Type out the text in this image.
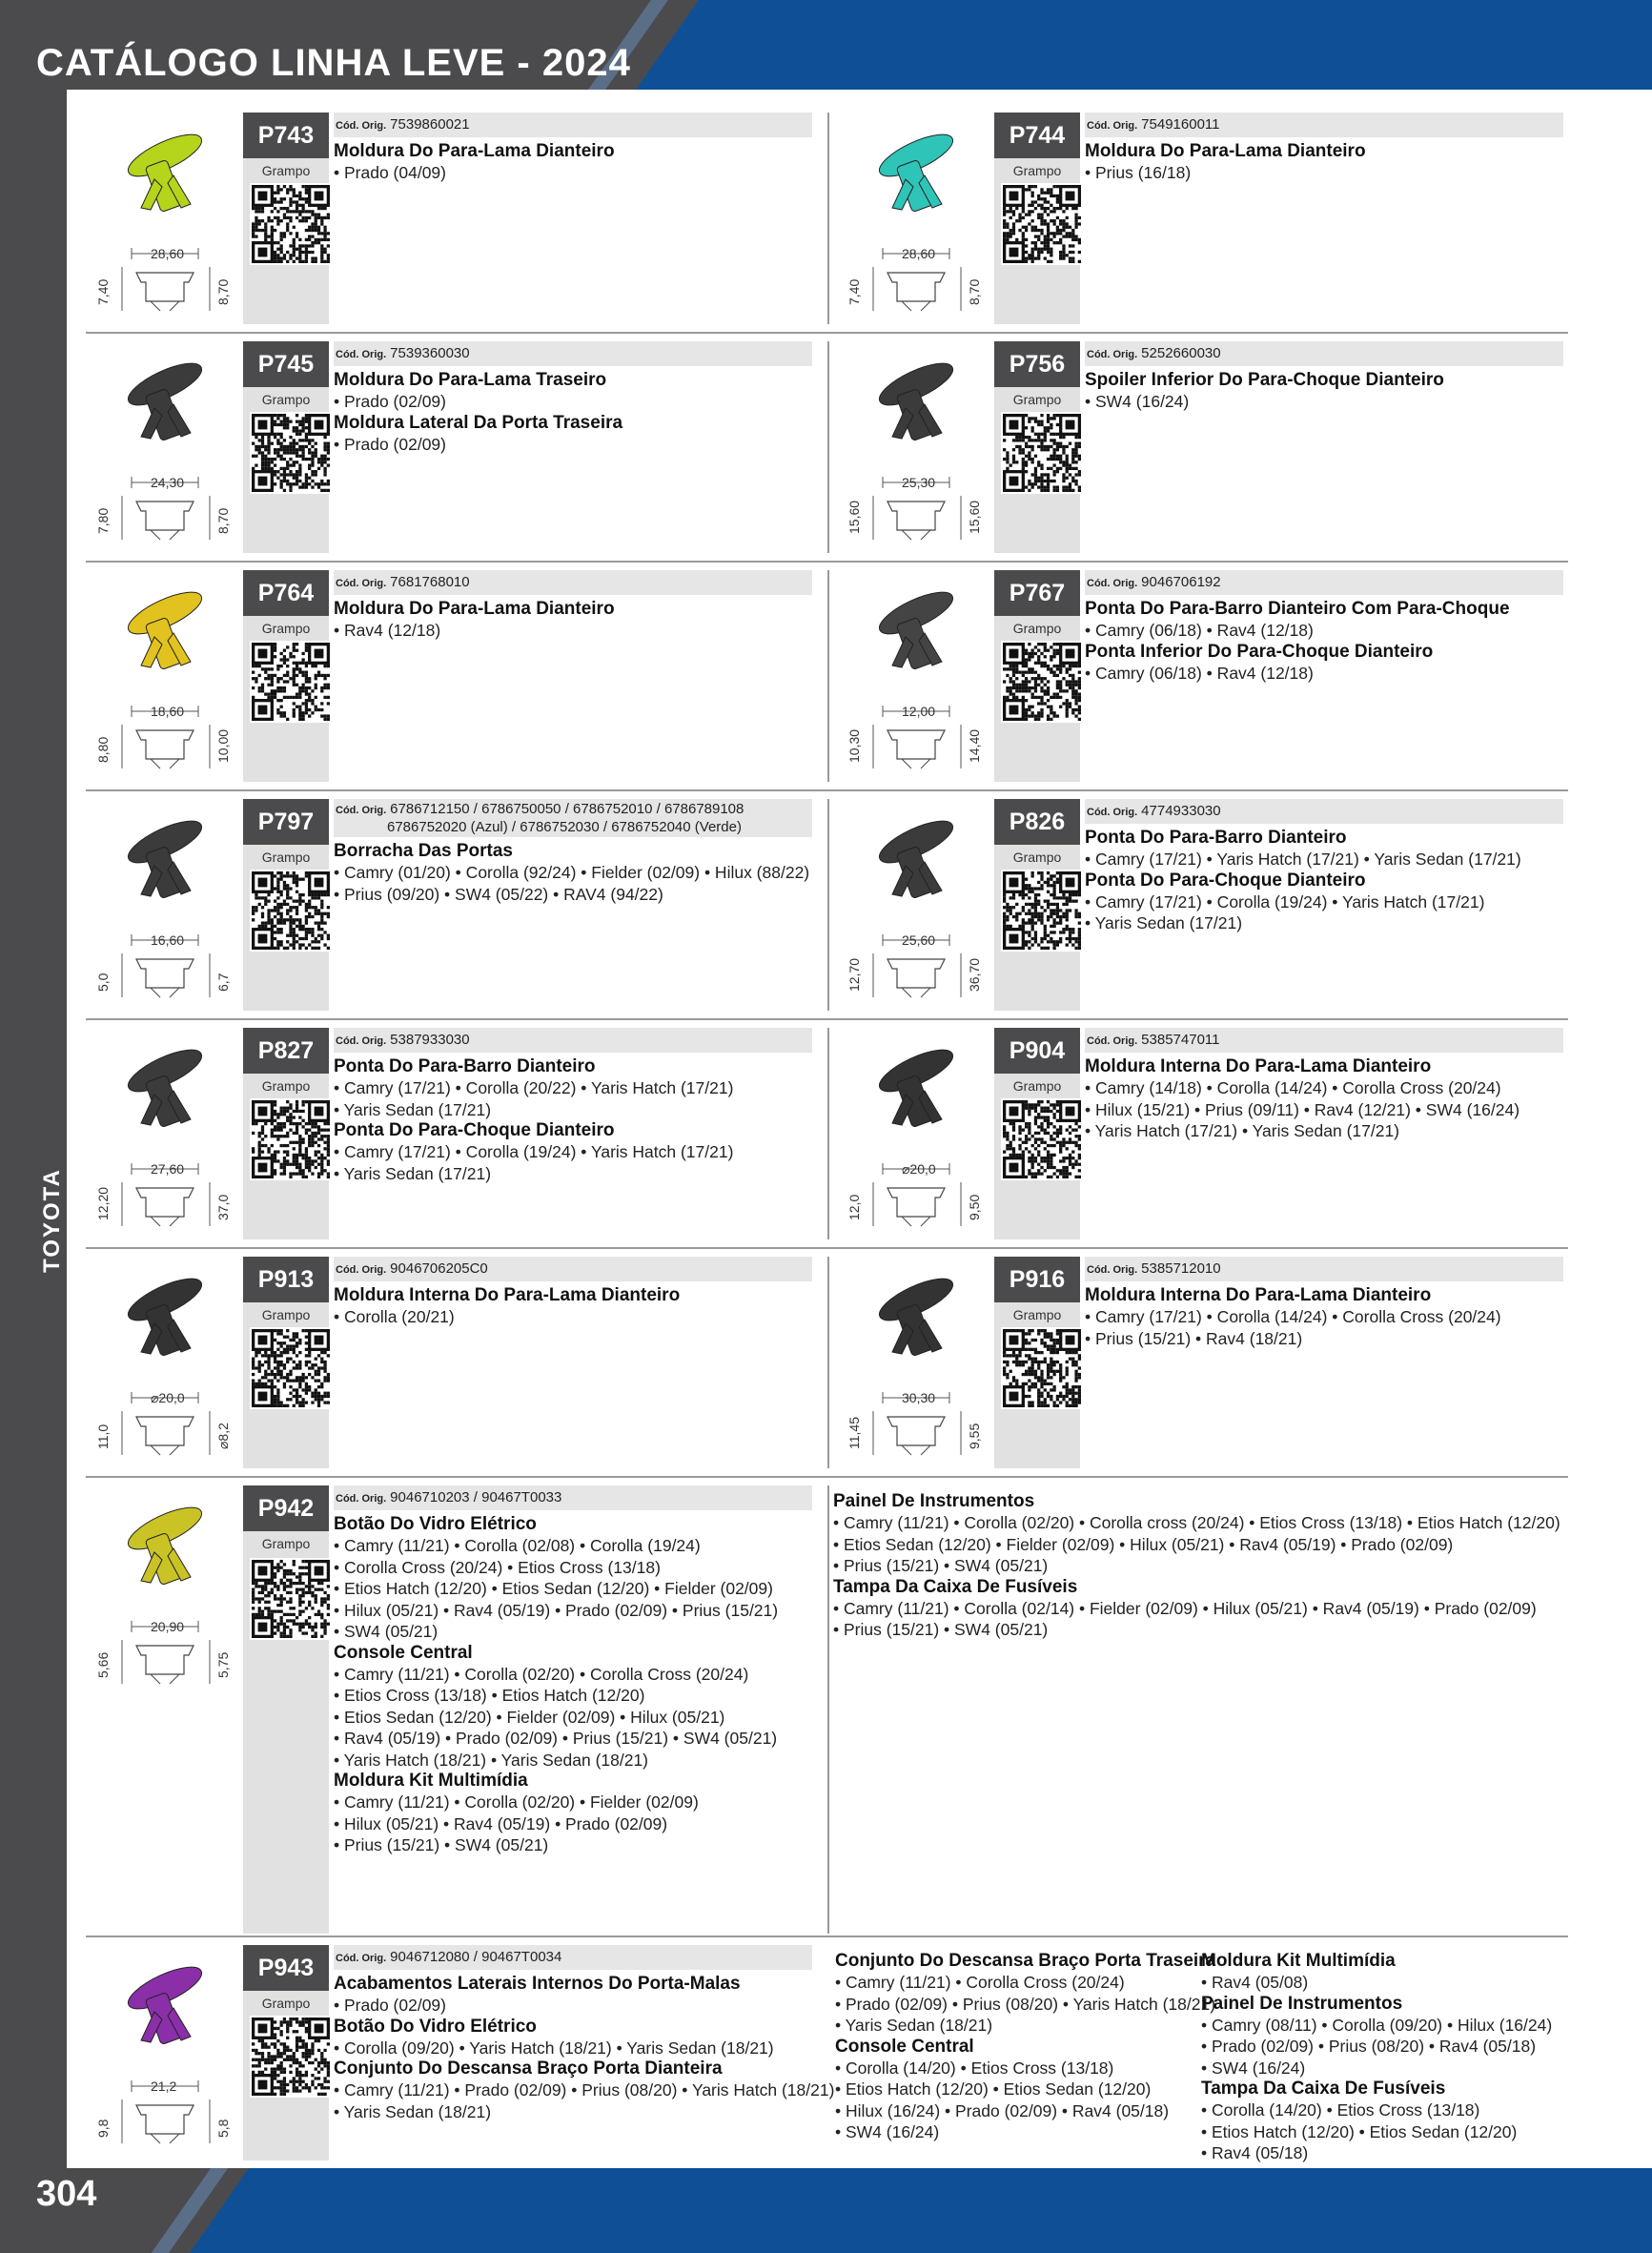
CATÁLOGO LINHA LEVE - 2024
TOYOTA
304
28,60
7,40	8,70
P743
Grampo
Cód. Orig. 7539860021
Moldura Do Para-Lama Dianteiro
• Prado (04/09)
28,60
7,40	8,70
P744
Grampo
Cód. Orig. 7549160011
Moldura Do Para-Lama Dianteiro
• Prius (16/18)
24,30
7,80	8,70
P745
Grampo
Cód. Orig. 7539360030
Moldura Do Para-Lama Traseiro
• Prado (02/09)
Moldura Lateral Da Porta Traseira
• Prado (02/09)
25,30
15,60	15,60
P756
Grampo
Cód. Orig. 5252660030
Spoiler Inferior Do Para-Choque Dianteiro
• SW4 (16/24)
18,60
8,80	10,00
P764
Grampo
Cód. Orig. 7681768010
Moldura Do Para-Lama Dianteiro
• Rav4 (12/18)
12,00
10,30	14,40
P767
Grampo
Cód. Orig. 9046706192
Ponta Do Para-Barro Dianteiro Com Para-Choque
• Camry (06/18) • Rav4 (12/18)
Ponta Inferior Do Para-Choque Dianteiro
• Camry (06/18) • Rav4 (12/18)
16,60
5,0	6,7
P797
Grampo
Cód. Orig. 6786712150 / 6786750050 / 6786752010 / 6786789108
6786752020 (Azul) / 6786752030 / 6786752040 (Verde)
Borracha Das Portas
• Camry (01/20) • Corolla (92/24) • Fielder (02/09) • Hilux (88/22)
• Prius (09/20) • SW4 (05/22) • RAV4 (94/22)
25,60
12,70	36,70
P826
Grampo
Cód. Orig. 4774933030
Ponta Do Para-Barro Dianteiro
• Camry (17/21) • Yaris Hatch (17/21) • Yaris Sedan (17/21)
Ponta Do Para-Choque Dianteiro
• Camry (17/21) • Corolla (19/24) • Yaris Hatch (17/21)
• Yaris Sedan (17/21)
27,60
12,20	37,0
P827
Grampo
Cód. Orig. 5387933030
Ponta Do Para-Barro Dianteiro
• Camry (17/21) • Corolla (20/22) • Yaris Hatch (17/21)
• Yaris Sedan (17/21)
Ponta Do Para-Choque Dianteiro
• Camry (17/21) • Corolla (19/24) • Yaris Hatch (17/21)
• Yaris Sedan (17/21)	⌀20,0
12,0	9,50
P904
Grampo
Cód. Orig. 5385747011
Moldura Interna Do Para-Lama Dianteiro
• Camry (14/18) • Corolla (14/24) • Corolla Cross (20/24)
• Hilux (15/21) • Prius (09/11) • Rav4 (12/21) • SW4 (16/24)
• Yaris Hatch (17/21) • Yaris Sedan (17/21)
⌀20,0
11,0	⌀8,2
P913
Grampo
Cód. Orig. 9046706205C0
Moldura Interna Do Para-Lama Dianteiro
• Corolla (20/21)
30,30
11,45	9,55
P916
Grampo
Cód. Orig. 5385712010
Moldura Interna Do Para-Lama Dianteiro
• Camry (17/21) • Corolla (14/24) • Corolla Cross (20/24)
• Prius (15/21) • Rav4 (18/21)
20,90
5,66	5,75
P942
Grampo
Cód. Orig. 9046710203 / 90467T0033
Botão Do Vidro Elétrico
• Camry (11/21) • Corolla (02/08) • Corolla (19/24)
• Corolla Cross (20/24) • Etios Cross (13/18)
• Etios Hatch (12/20) • Etios Sedan (12/20) • Fielder (02/09)
• Hilux (05/21) • Rav4 (05/19) • Prado (02/09) • Prius (15/21)
• SW4 (05/21)
Console Central
• Camry (11/21) • Corolla (02/20) • Corolla Cross (20/24)
• Etios Cross (13/18) • Etios Hatch (12/20)
• Etios Sedan (12/20) • Fielder (02/09) • Hilux (05/21)
• Rav4 (05/19) • Prado (02/09) • Prius (15/21) • SW4 (05/21)
• Yaris Hatch (18/21) • Yaris Sedan (18/21)
Moldura Kit Multimídia
• Camry (11/21) • Corolla (02/20) • Fielder (02/09)
• Hilux (05/21) • Rav4 (05/19) • Prado (02/09)
• Prius (15/21) • SW4 (05/21)
21,2
9,8	5,8
P943
Grampo
Cód. Orig. 9046712080 / 90467T0034
Acabamentos Laterais Internos Do Porta-Malas
• Prado (02/09)
Botão Do Vidro Elétrico
• Corolla (09/20) • Yaris Hatch (18/21) • Yaris Sedan (18/21)
Conjunto Do Descansa Braço Porta Dianteira
• Camry (11/21) • Prado (02/09) • Prius (08/20) • Yaris Hatch (18/21)
• Yaris Sedan (18/21)
Painel De Instrumentos
• Camry (11/21) • Corolla (02/20) • Corolla cross (20/24) • Etios Cross (13/18) • Etios Hatch (12/20)
• Etios Sedan (12/20) • Fielder (02/09) • Hilux (05/21) • Rav4 (05/19) • Prado (02/09)
• Prius (15/21) • SW4 (05/21)
Tampa Da Caixa De Fusíveis
• Camry (11/21) • Corolla (02/14) • Fielder (02/09) • Hilux (05/21) • Rav4 (05/19) • Prado (02/09)
• Prius (15/21) • SW4 (05/21)
Conjunto Do Descansa Braço Porta Traseira
• Camry (11/21) • Corolla Cross (20/24)
• Prado (02/09) • Prius (08/20) • Yaris Hatch (18/21)
• Yaris Sedan (18/21)
Console Central
• Corolla (14/20) • Etios Cross (13/18)
• Etios Hatch (12/20) • Etios Sedan (12/20)
• Hilux (16/24) • Prado (02/09) • Rav4 (05/18)
• SW4 (16/24)
Moldura Kit Multimídia
• Rav4 (05/08)
Painel De Instrumentos
• Camry (08/11) • Corolla (09/20) • Hilux (16/24)
• Prado (02/09) • Prius (08/20) • Rav4 (05/18)
• SW4 (16/24)
Tampa Da Caixa De Fusíveis
• Corolla (14/20) • Etios Cross (13/18)
• Etios Hatch (12/20) • Etios Sedan (12/20)
• Rav4 (05/18)
